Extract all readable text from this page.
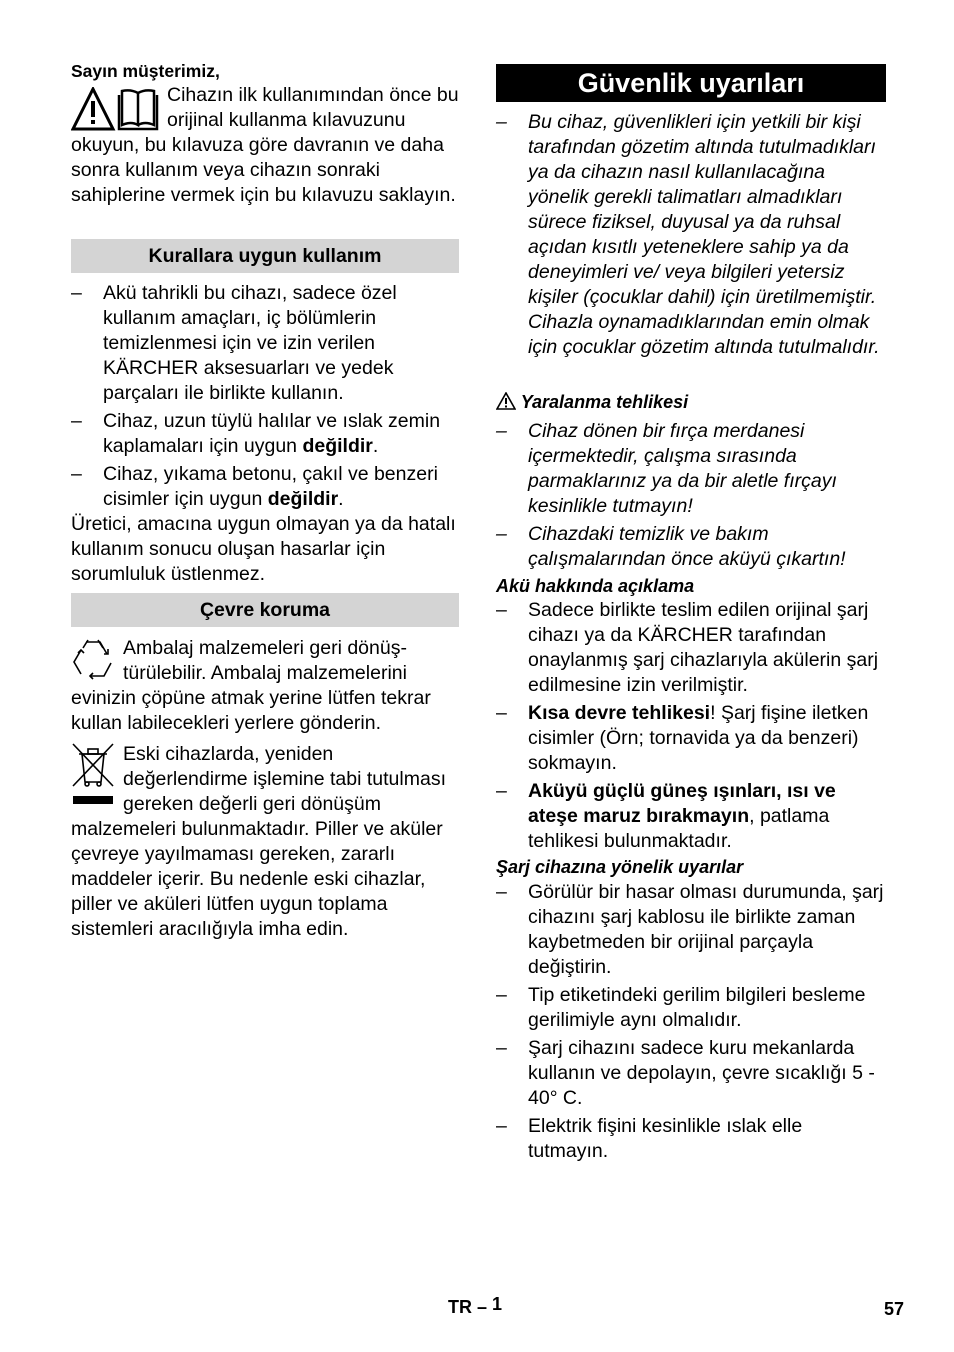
Sayın müşterimiz,

Cihazın ilk kullanımından önce bu orijinal kullanma kılavuzunu okuyun, bu kılavuza göre davranın ve daha sonra kullanım veya cihazın sonraki sahiplerine vermek için bu kılavuzu saklayın.
Kurallara uygun kullanım
– Akü tahrikli bu cihazı, sadece özel kullanım amaçları, iç bölümlerin temizlenmesi için ve izin verilen KÄRCHER aksesuarları ve yedek parçaları ile birlikte kullanın.
– Cihaz, uzun tüylü halılar ve ıslak zemin kaplamaları için uygun değildir.
– Cihaz, yıkama betonu, çakıl ve benzeri cisimler için uygun değildir.

Üretici, amacına uygun olmayan ya da hatalı kullanım sonucu oluşan hasarlar için sorumluluk üstlenmez.

Çevre koruma
Ambalaj malzemeleri geri dönüş-türülebilir. Ambalaj malzemelerini evinizin çöpüne atmak yerine lütfen tekrar kullan labilecekleri yerlere gönderin.
Eski cihazlarda, yeniden değerlendirme işlemine tabi tutulması gereken değerli geri dönüşüm malzemeleri bulunmaktadır. Piller ve aküler çevreye yayılmaması gereken, zararlı maddeler içerir. Bu nedenle eski cihazlar, piller ve aküleri lütfen uygun toplama sistemleri aracılığıyla imha edin.
Güvenlik uyarıları
– Bu cihaz, güvenlikleri için yetkili bir kişi tarafından gözetim altında tutulmadıkları ya da cihazın nasıl kullanılacağına yönelik gerekli talimatları almadıkları sürece fiziksel, duyusal ya da ruhsal açıdan kısıtlı yeteneklere sahip ya da deneyimleri ve/ veya bilgileri yetersiz kişiler (çocuklar dahil) için üretilmemiştir. Cihazla oynamadıklarından emin olmak için çocuklar gözetim altında tutulmalıdır.
Yaralanma tehlikesi
– Cihaz dönen bir fırça merdanesi içermektedir, çalışma sırasında parmaklarınız ya da bir aletle fırçayı kesinlikle tutmayın!
– Cihazdaki temizlik ve bakım çalışmalarından önce aküyü çıkartın!
Akü hakkında açıklama
– Sadece birlikte teslim edilen orijinal şarj cihazı ya da KÄRCHER tarafından onaylanmış şarj cihazlarıyla akülerin şarj edilmesine izin verilmiştir.
– Kısa devre tehlikesi! Şarj fişine iletken cisimler (Örn; tornavida ya da benzeri) sokmayın.
– Aküyü güçlü güneş ışınları, ısı ve ateşe maruz bırakmayın, patlama tehlikesi bulunmaktadır.
Şarj cihazına yönelik uyarılar
– Görülür bir hasar olması durumunda, şarj cihazını şarj kablosu ile birlikte zaman kaybetmeden bir orijinal parçayla değiştirin.
– Tip etiketindeki gerilim bilgileri besleme gerilimiyle aynı olmalıdır.
– Şarj cihazını sadece kuru mekanlarda kullanın ve depolayın, çevre sıcaklığı 5 - 40° C.
– Elektrik fişini kesinlikle ıslak elle tutmayın.
TR – 1	57
